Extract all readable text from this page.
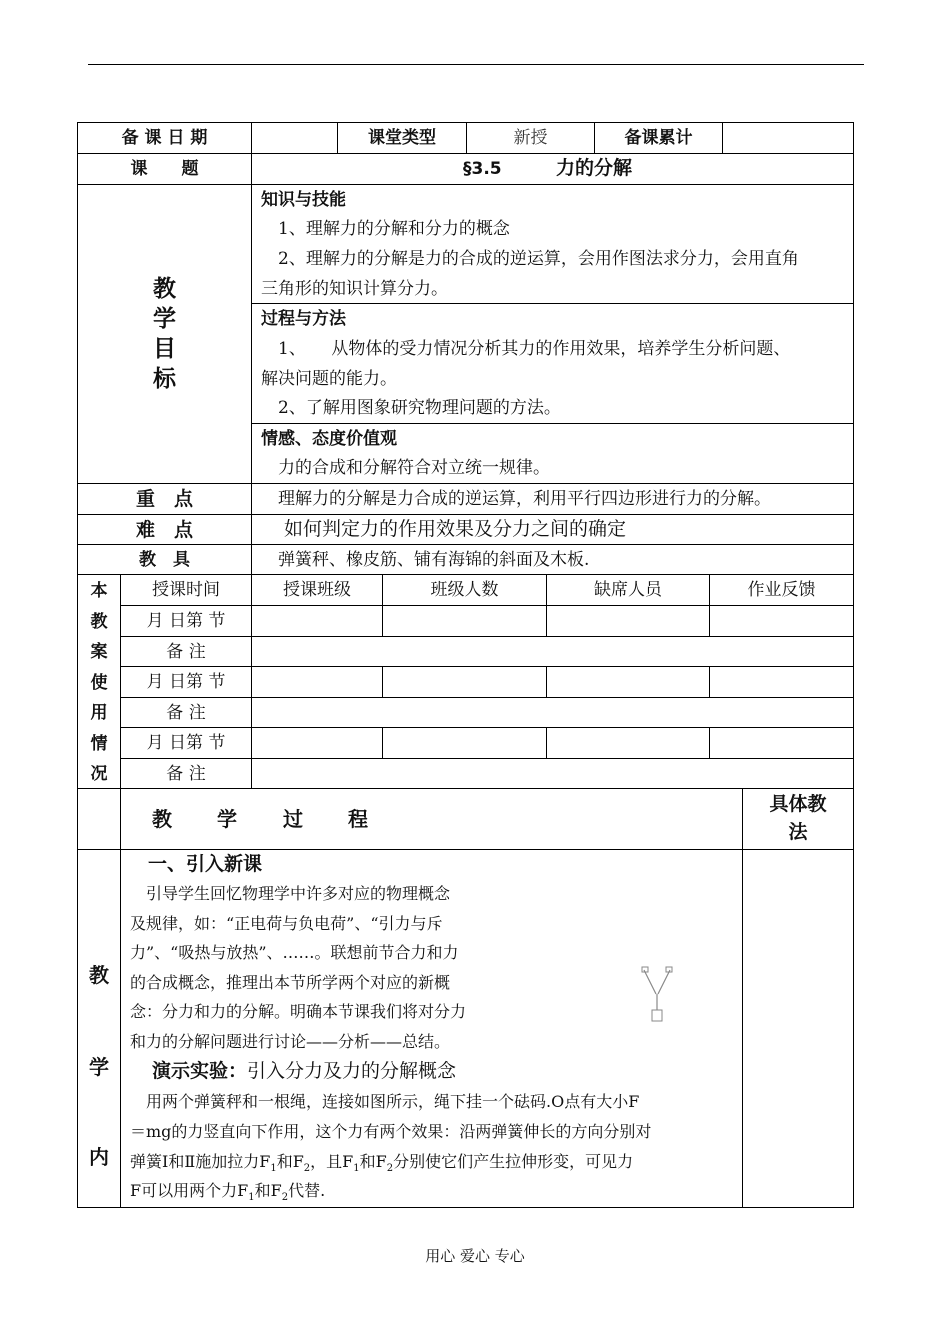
备 课 日 期	课堂类型	新授	备课累计
课　　题	§3.5	力的分解
教
学
目
标
知识与技能
1、理解力的分解和分力的概念
2、理解力的分解是力的合成的逆运算，会用作图法求分力，会用直角
三角形的知识计算分力。
过程与方法
1、　　从物体的受力情况分析其力的作用效果，培养学生分析问题、
解决问题的能力。
2、了解用图象研究物理问题的方法。
情感、态度价值观
力的合成和分解符合对立统一规律。
重　点	理解力的分解是力合成的逆运算，利用平行四边形进行力的分解。
难　点	如何判定力的作用效果及分力之间的确定
教　具	弹簧秤、橡皮筋、铺有海锦的斜面及木板.
本
教
案
使
用
情
况
授课时间	授课班级	班级人数	缺席人员	作业反馈
月 日第 节
备 注
月 日第 节
备 注
月 日第 节
备 注
教 学 过 程
具体教
法
教
学
内
一、引入新课
引导学生回忆物理学中许多对应的物理概念
及规律，如：“正电荷与负电荷”、“引力与斥
力”、“吸热与放热”、……。联想前节合力和力
的合成概念，推理出本节所学两个对应的新概
念：分力和力的分解。明确本节课我们将对分力
和力的分解问题进行讨论——分析——总结。
演示实验：引入分力及力的分解概念
用两个弹簧秤和一根绳，连接如图所示，绳下挂一个砝码.O点有大小F
＝mg的力竖直向下作用，这个力有两个效果：沿两弹簧伸长的方向分别对
弹簧Ⅰ和Ⅱ施加拉力$F_1$和$F_2$，且$F_1$和$F_2$分别使它们产生拉伸形变，可见力
F可以用两个力$F_1$和$F_2$代替.
用心 爱心 专心
